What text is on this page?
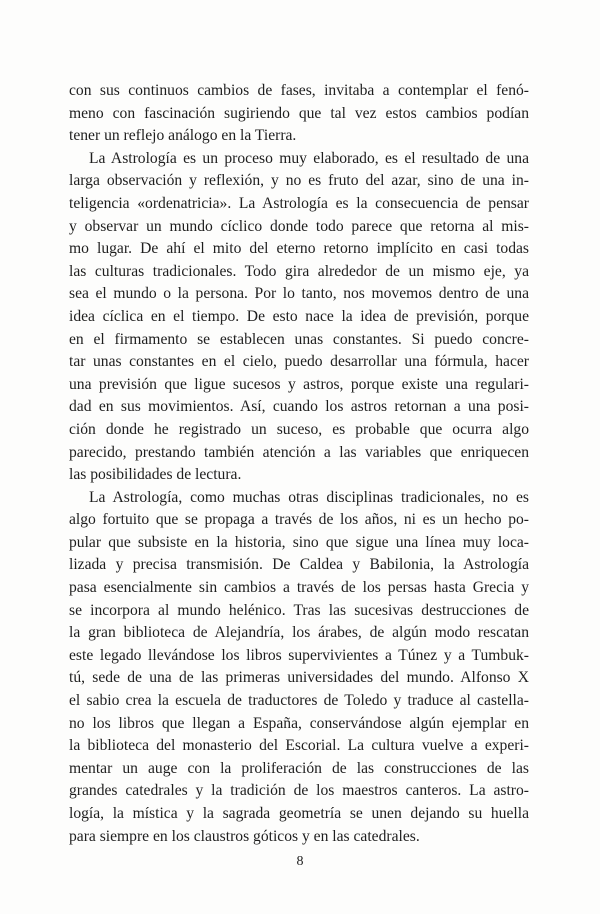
con sus continuos cambios de fases, invitaba a contemplar el fenó-
meno con fascinación sugiriendo que tal vez estos cambios podían
tener un reflejo análogo en la Tierra.
La Astrología es un proceso muy elaborado, es el resultado de una
larga observación y reflexión, y no es fruto del azar, sino de una in-
teligencia «ordenatricia». La Astrología es la consecuencia de pensar
y observar un mundo cíclico donde todo parece que retorna al mis-
mo lugar. De ahí el mito del eterno retorno implícito en casi todas
las culturas tradicionales. Todo gira alrededor de un mismo eje, ya
sea el mundo o la persona. Por lo tanto, nos movemos dentro de una
idea cíclica en el tiempo. De esto nace la idea de previsión, porque
en el firmamento se establecen unas constantes. Si puedo concre-
tar unas constantes en el cielo, puedo desarrollar una fórmula, hacer
una previsión que ligue sucesos y astros, porque existe una regulari-
dad en sus movimientos. Así, cuando los astros retornan a una posi-
ción donde he registrado un suceso, es probable que ocurra algo
parecido, prestando también atención a las variables que enriquecen
las posibilidades de lectura.
La Astrología, como muchas otras disciplinas tradicionales, no es
algo fortuito que se propaga a través de los años, ni es un hecho po-
pular que subsiste en la historia, sino que sigue una línea muy loca-
lizada y precisa transmisión. De Caldea y Babilonia, la Astrología
pasa esencialmente sin cambios a través de los persas hasta Grecia y
se incorpora al mundo helénico. Tras las sucesivas destrucciones de
la gran biblioteca de Alejandría, los árabes, de algún modo rescatan
este legado llevándose los libros supervivientes a Túnez y a Tumbuk-
tú, sede de una de las primeras universidades del mundo. Alfonso X
el sabio crea la escuela de traductores de Toledo y traduce al castella-
no los libros que llegan a España, conservándose algún ejemplar en
la biblioteca del monasterio del Escorial. La cultura vuelve a experi-
mentar un auge con la proliferación de las construcciones de las
grandes catedrales y la tradición de los maestros canteros. La astro-
logía, la mística y la sagrada geometría se unen dejando su huella
para siempre en los claustros góticos y en las catedrales.
8
